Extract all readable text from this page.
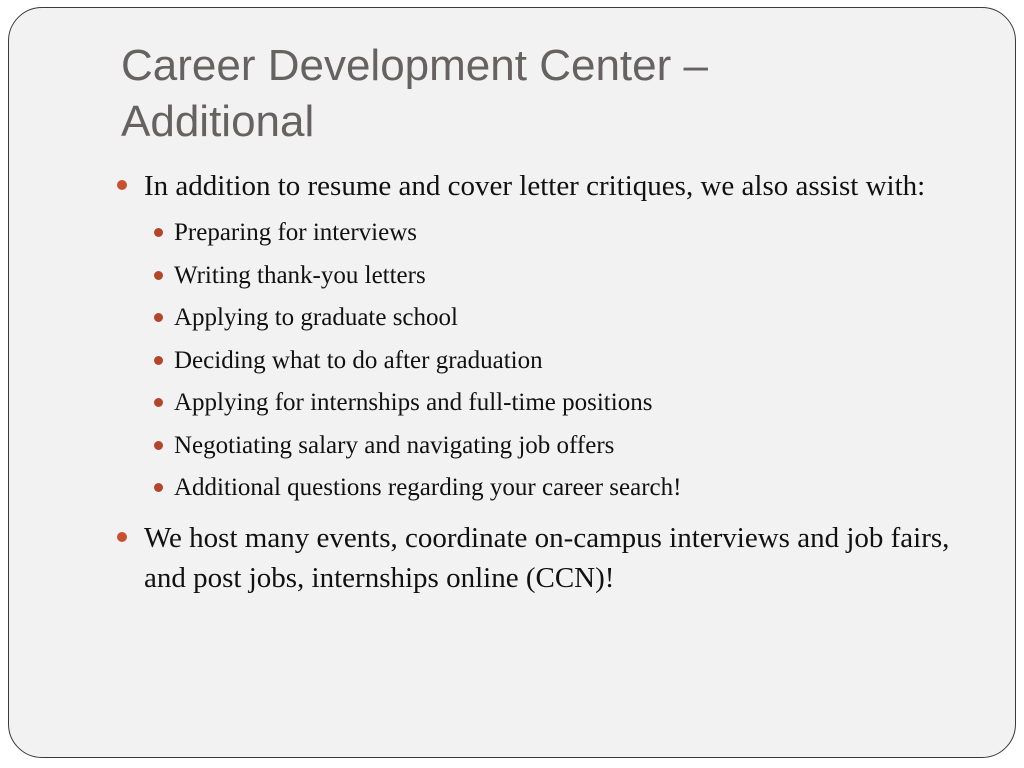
Career Development Center –
Additional
In addition to resume and cover letter critiques, we also assist with:
Preparing for interviews
Writing thank-you letters
Applying to graduate school
Deciding what to do after graduation
Applying for internships and full-time positions
Negotiating salary and navigating job offers
Additional questions regarding your career search!
We host many events, coordinate on-campus interviews and job fairs, and post jobs, internships online (CCN)!
